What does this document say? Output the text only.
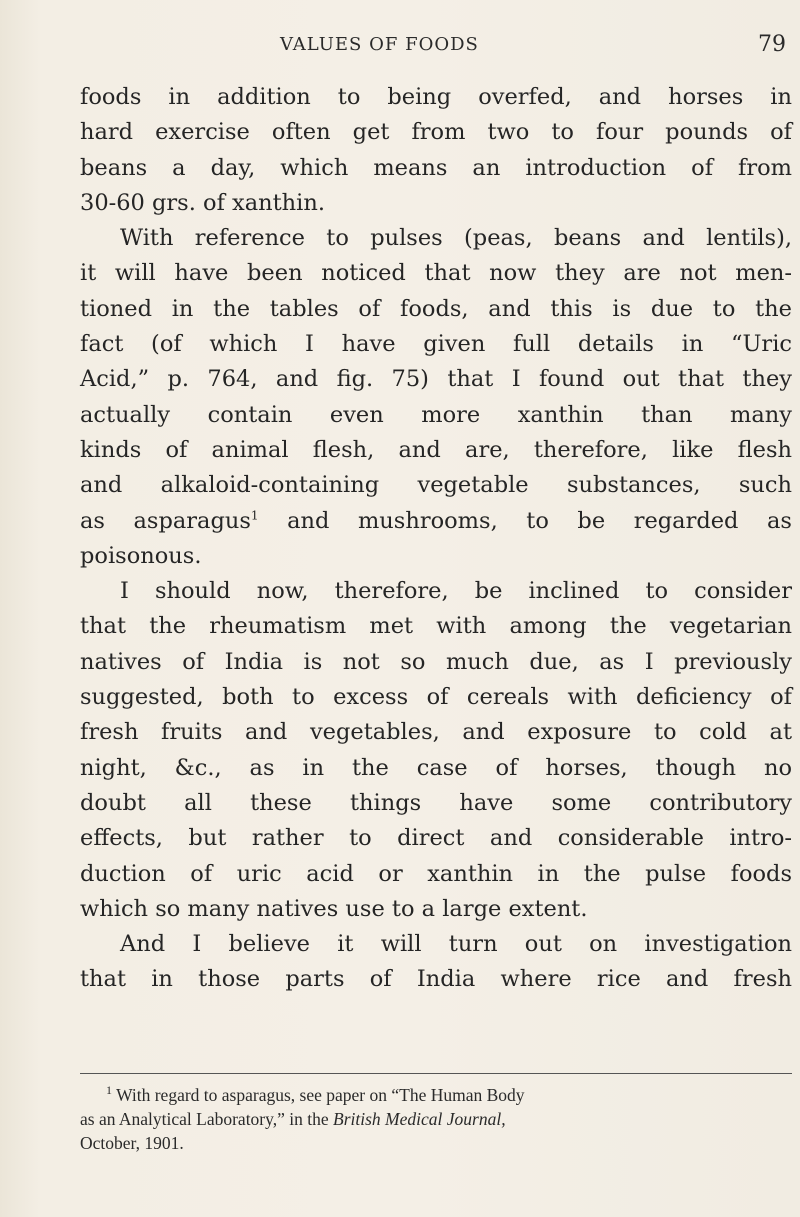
VALUES OF FOODS	79
foods in addition to being overfed, and horses in
hard exercise often get from two to four pounds of
beans a day, which means an introduction of from
30-60 grs. of xanthin.
With reference to pulses (peas, beans and lentils),
it will have been noticed that now they are not men-
tioned in the tables of foods, and this is due to the
fact (of which I have given full details in “Uric
Acid,” p. 764, and fig. 75) that I found out that they
actually contain even more xanthin than many
kinds of animal flesh, and are, therefore, like flesh
and alkaloid-containing vegetable substances, such
as asparagus$^1$ and mushrooms, to be regarded as
poisonous.
I should now, therefore, be inclined to consider
that the rheumatism met with among the vegetarian
natives of India is not so much due, as I previously
suggested, both to excess of cereals with deficiency of
fresh fruits and vegetables, and exposure to cold at
night, &c., as in the case of horses, though no
doubt all these things have some contributory
effects, but rather to direct and considerable intro-
duction of uric acid or xanthin in the pulse foods
which so many natives use to a large extent.
And I believe it will turn out on investigation
that in those parts of India where rice and fresh
$^1$ With regard to asparagus, see paper on “The Human Body
as an Analytical Laboratory,” in the British Medical Journal,
October, 1901.
